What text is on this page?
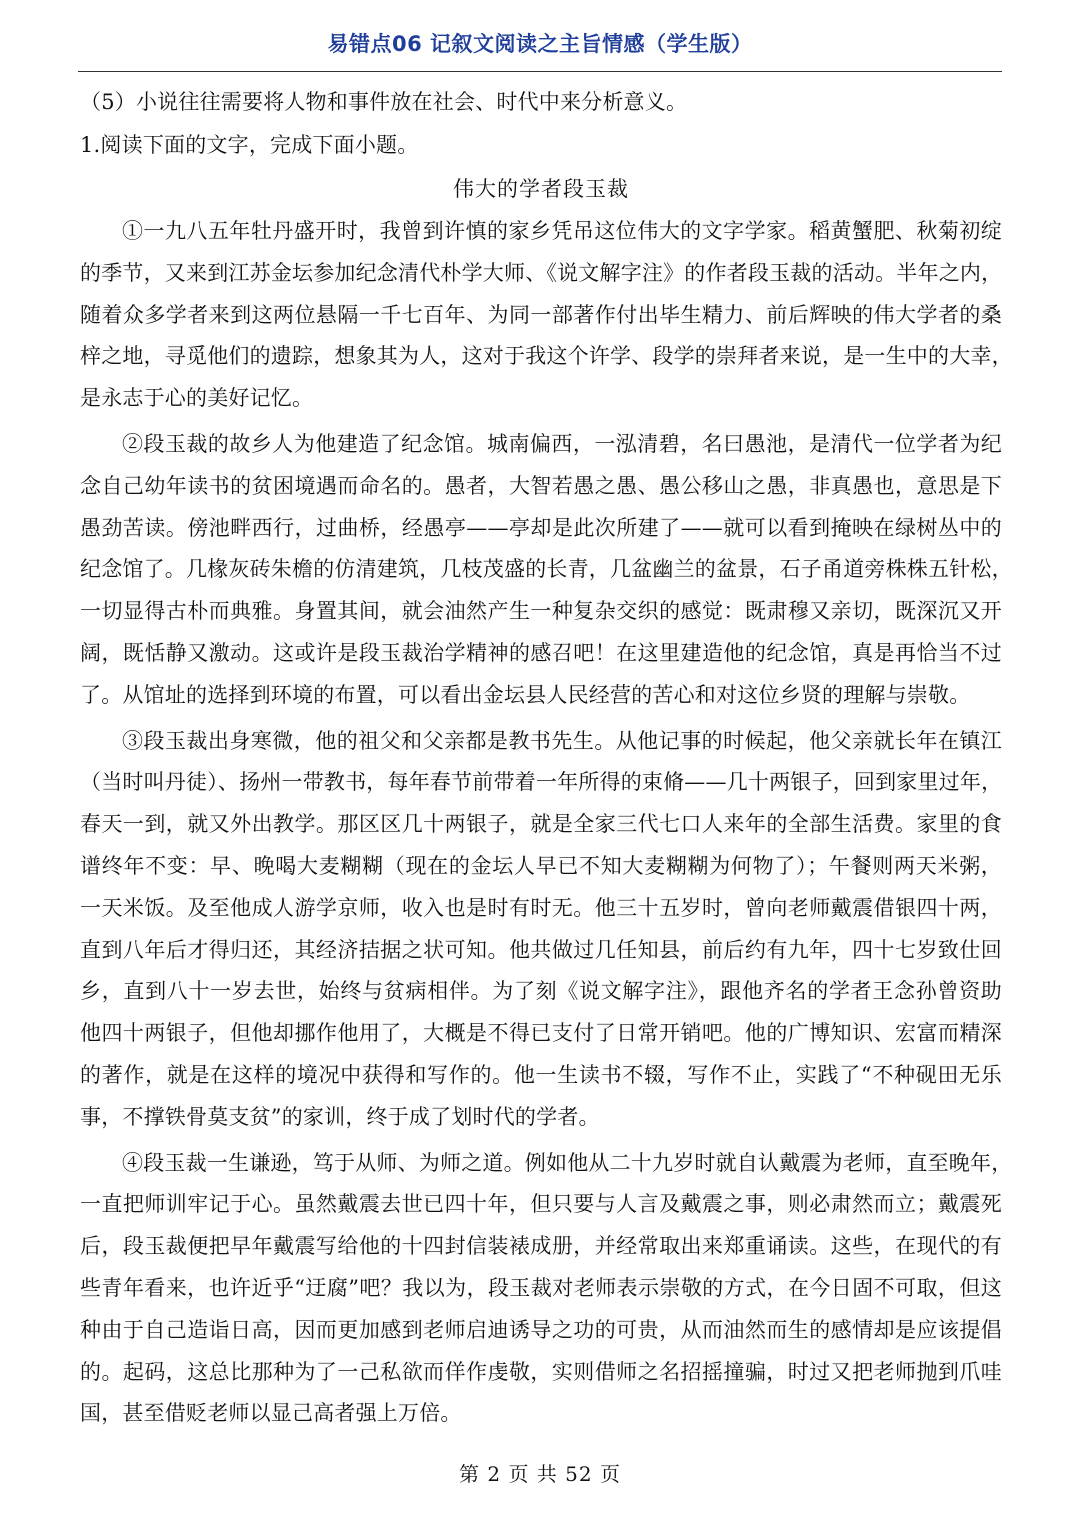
易错点06 记叙文阅读之主旨情感（学生版）
（5）小说往往需要将人物和事件放在社会、时代中来分析意义。
1.阅读下面的文字，完成下面小题。
伟大的学者段玉裁
①一九八五年牡丹盛开时，我曾到许慎的家乡凭吊这位伟大的文字学家。稻黄蟹肥、秋菊初绽
的季节，又来到江苏金坛参加纪念清代朴学大师、《说文解字注》的作者段玉裁的活动。半年之内，
随着众多学者来到这两位悬隔一千七百年、为同一部著作付出毕生精力、前后辉映的伟大学者的桑
梓之地，寻觅他们的遗踪，想象其为人，这对于我这个许学、段学的崇拜者来说，是一生中的大幸，
是永志于心的美好记忆。
②段玉裁的故乡人为他建造了纪念馆。城南偏西，一泓清碧，名曰愚池，是清代一位学者为纪
念自己幼年读书的贫困境遇而命名的。愚者，大智若愚之愚、愚公移山之愚，非真愚也，意思是下
愚劲苦读。傍池畔西行，过曲桥，经愚亭——亭却是此次所建了——就可以看到掩映在绿树丛中的
纪念馆了。几椽灰砖朱檐的仿清建筑，几枝茂盛的长青，几盆幽兰的盆景，石子甬道旁株株五针松，
一切显得古朴而典雅。身置其间，就会油然产生一种复杂交织的感觉：既肃穆又亲切，既深沉又开
阔，既恬静又激动。这或许是段玉裁治学精神的感召吧！在这里建造他的纪念馆，真是再恰当不过
了。从馆址的选择到环境的布置，可以看出金坛县人民经营的苦心和对这位乡贤的理解与崇敬。
③段玉裁出身寒微，他的祖父和父亲都是教书先生。从他记事的时候起，他父亲就长年在镇江
（当时叫丹徒）、扬州一带教书，每年春节前带着一年所得的束脩——几十两银子，回到家里过年，
春天一到，就又外出教学。那区区几十两银子，就是全家三代七口人来年的全部生活费。家里的食
谱终年不变：早、晚喝大麦糊糊（现在的金坛人早已不知大麦糊糊为何物了）；午餐则两天米粥，
一天米饭。及至他成人游学京师，收入也是时有时无。他三十五岁时，曾向老师戴震借银四十两，
直到八年后才得归还，其经济拮据之状可知。他共做过几任知县，前后约有九年，四十七岁致仕回
乡，直到八十一岁去世，始终与贫病相伴。为了刻《说文解字注》，跟他齐名的学者王念孙曾资助
他四十两银子，但他却挪作他用了，大概是不得已支付了日常开销吧。他的广博知识、宏富而精深
的著作，就是在这样的境况中获得和写作的。他一生读书不辍，写作不止，实践了“不种砚田无乐
事，不撑铁骨莫支贫”的家训，终于成了划时代的学者。
④段玉裁一生谦逊，笃于从师、为师之道。例如他从二十九岁时就自认戴震为老师，直至晚年，
一直把师训牢记于心。虽然戴震去世已四十年，但只要与人言及戴震之事，则必肃然而立；戴震死
后，段玉裁便把早年戴震写给他的十四封信装裱成册，并经常取出来郑重诵读。这些，在现代的有
些青年看来，也许近乎“迂腐”吧？我以为，段玉裁对老师表示崇敬的方式，在今日固不可取，但这
种由于自己造诣日高，因而更加感到老师启迪诱导之功的可贵，从而油然而生的感情却是应该提倡
的。起码，这总比那种为了一己私欲而佯作虔敬，实则借师之名招摇撞骗，时过又把老师抛到爪哇
国，甚至借贬老师以显己高者强上万倍。
第 2 页 共 52 页
